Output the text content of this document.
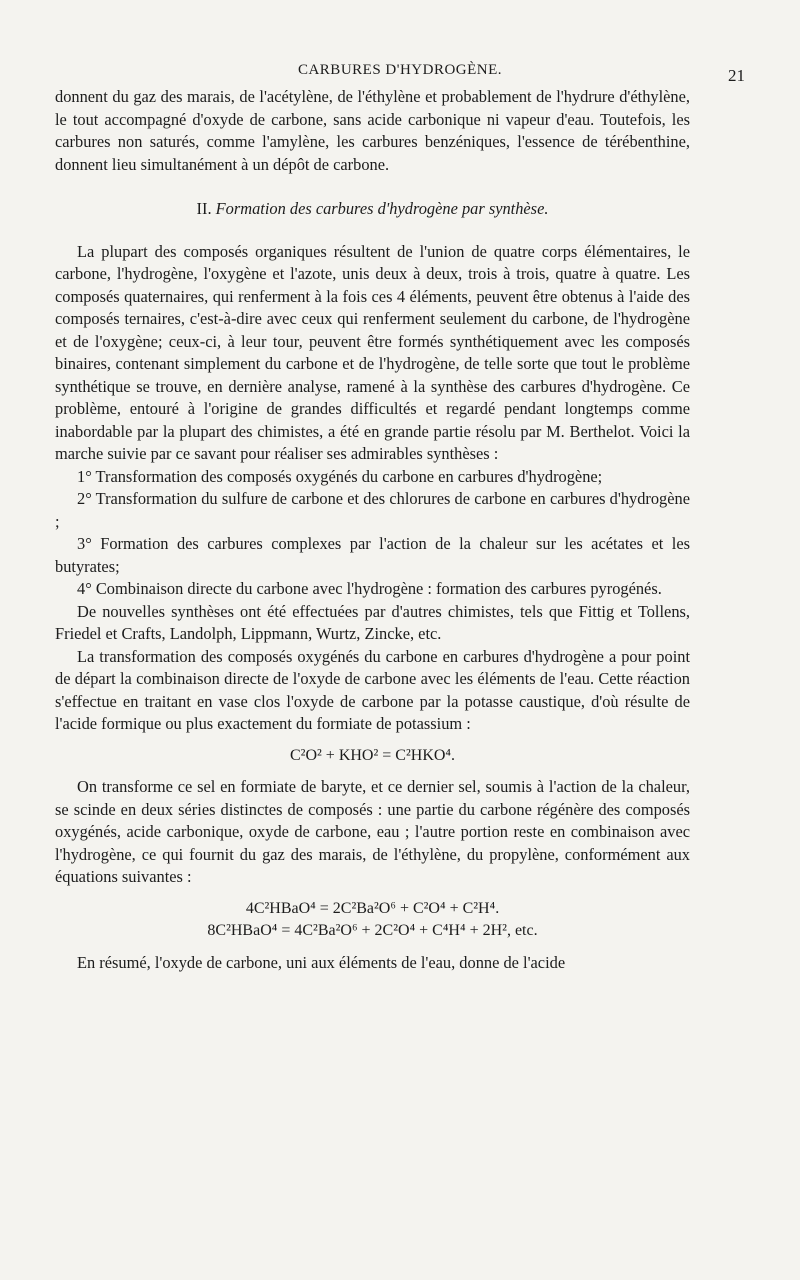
CARBURES D'HYDROGÈNE.	21

donnent du gaz des marais, de l'acétylène, de l'éthylène et probablement de l'hydrure d'éthylène, le tout accompagné d'oxyde de carbone, sans acide carbonique ni vapeur d'eau. Toutefois, les carbures non saturés, comme l'amylène, les carbures benzéniques, l'essence de térébenthine, donnent lieu simultanément à un dépôt de carbone.

II. Formation des carbures d'hydrogène par synthèse.

La plupart des composés organiques résultent de l'union de quatre corps élémentaires, le carbone, l'hydrogène, l'oxygène et l'azote, unis deux à deux, trois à trois, quatre à quatre. Les composés quaternaires, qui renferment à la fois ces 4 éléments, peuvent être obtenus à l'aide des composés ternaires, c'est-à-dire avec ceux qui renferment seulement du carbone, de l'hydrogène et de l'oxygène; ceux-ci, à leur tour, peuvent être formés synthétiquement avec les composés binaires, contenant simplement du carbone et de l'hydrogène, de telle sorte que tout le problème synthétique se trouve, en dernière analyse, ramené à la synthèse des carbures d'hydrogène. Ce problème, entouré à l'origine de grandes difficultés et regardé pendant longtemps comme inabordable par la plupart des chimistes, a été en grande partie résolu par M. Berthelot. Voici la marche suivie par ce savant pour réaliser ses admirables synthèses :

1° Transformation des composés oxygénés du carbone en carbures d'hydrogène;

2° Transformation du sulfure de carbone et des chlorures de carbone en carbures d'hydrogène ;

3° Formation des carbures complexes par l'action de la chaleur sur les acétates et les butyrates;

4° Combinaison directe du carbone avec l'hydrogène : formation des carbures pyrogénés.

De nouvelles synthèses ont été effectuées par d'autres chimistes, tels que Fittig et Tollens, Friedel et Crafts, Landolph, Lippmann, Wurtz, Zincke, etc.

La transformation des composés oxygénés du carbone en carbures d'hydrogène a pour point de départ la combinaison directe de l'oxyde de carbone avec les éléments de l'eau. Cette réaction s'effectue en traitant en vase clos l'oxyde de carbone par la potasse caustique, d'où résulte de l'acide formique ou plus exactement du formiate de potassium :

C²O² + KHO² = C²HKO⁴.

On transforme ce sel en formiate de baryte, et ce dernier sel, soumis à l'action de la chaleur, se scinde en deux séries distinctes de composés : une partie du carbone régénère des composés oxygénés, acide carbonique, oxyde de carbone, eau ; l'autre portion reste en combinaison avec l'hydrogène, ce qui fournit du gaz des marais, de l'éthylène, du propylène, conformément aux équations suivantes :

4C²HBaO⁴ = 2C²Ba²O⁶ + C²O⁴ + C²H⁴.
8C²HBaO⁴ = 4C²Ba²O⁶ + 2C²O⁴ + C⁴H⁴ + 2H², etc.

En résumé, l'oxyde de carbone, uni aux éléments de l'eau, donne de l'acide
